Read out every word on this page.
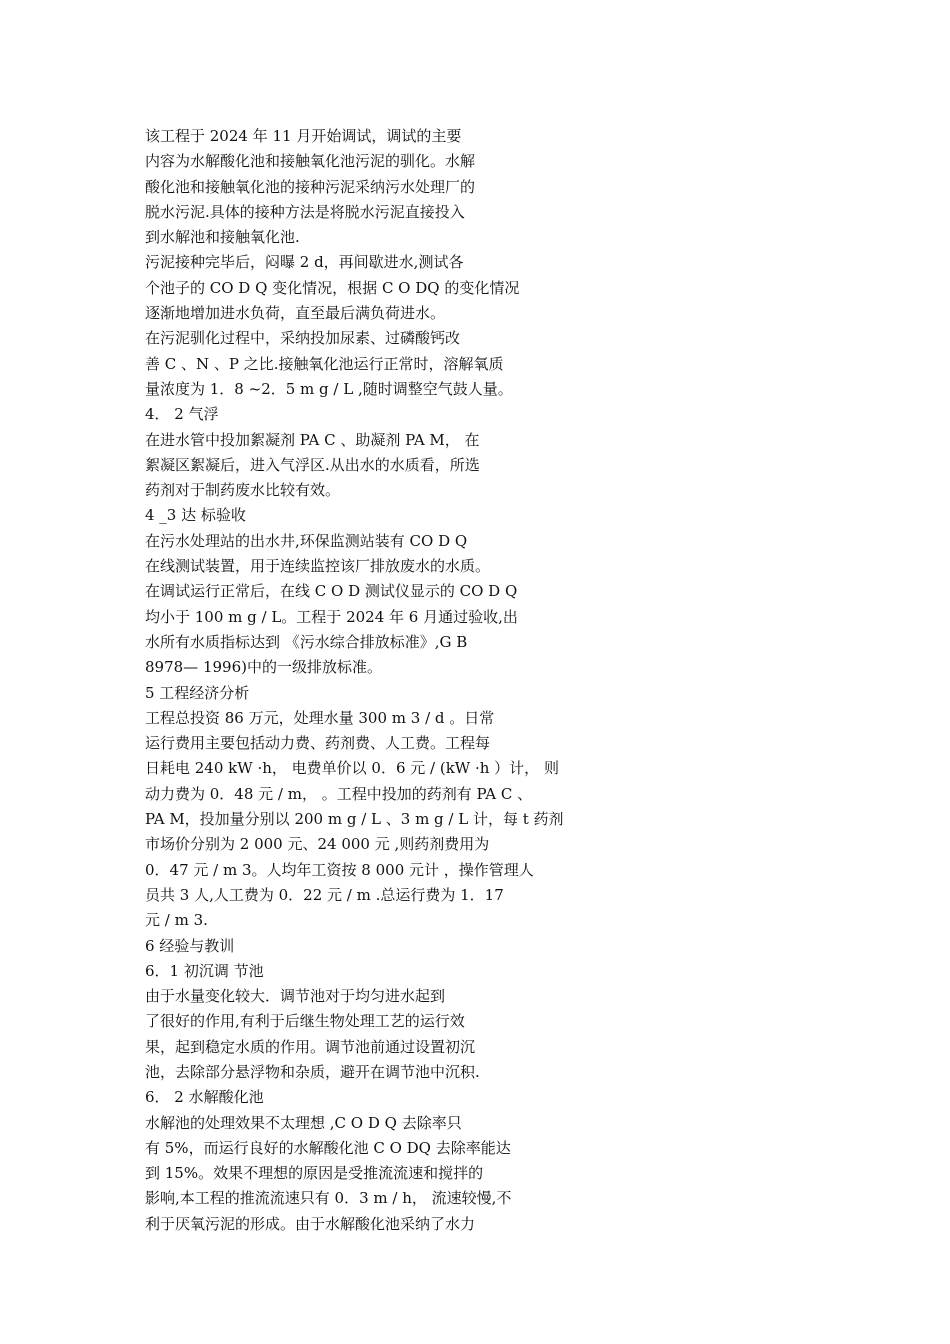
该工程于 2024 年 11 月开始调试，调试的主要
内容为水解酸化池和接触氧化池污泥的驯化。水解
酸化池和接触氧化池的接种污泥采纳污水处理厂的
脱水污泥.具体的接种方法是将脱水污泥直接投入
到水解池和接触氧化池.
污泥接种完毕后，闷曝 2 d，再间歇进水,测试各
个池子的 CO D Q 变化情况，根据 C O DQ 的变化情况
逐渐地增加进水负荷，直至最后满负荷进水。
在污泥驯化过程中，采纳投加尿素、过磷酸钙改
善 C 、N 、P 之比.接触氧化池运行正常时，溶解氧质
量浓度为 1．8 ~2．5 m g / L ,随时调整空气鼓人量。
4． 2 气浮
在进水管中投加絮凝剂 PA C 、助凝剂 PA M， 在
絮凝区絮凝后，进入气浮区.从出水的水质看，所选
药剂对于制药废水比较有效。
4 _3 达 标验收
在污水处理站的出水井,环保监测站装有 CO D Q
在线测试装置，用于连续监控该厂排放废水的水质。
在调试运行正常后，在线 C O D 测试仪显示的 CO D Q
均小于 100 m g / L。工程于 2024 年 6 月通过验收,出
水所有水质指标达到 《污水综合排放标准》,G B
8978— 1996)中的一级排放标准。
5 工程经济分析
工程总投资 86 万元，处理水量 300 m 3 / d 。日常
运行费用主要包括动力费、药剂费、人工费。工程每
日耗电 240 kW ·h， 电费单价以 0．6 元 / (kW ·h ）计， 则
动力费为 0．48 元 / m， 。工程中投加的药剂有 PA C 、
PA M，投加量分别以 200 m g / L 、3 m g / L 计，每 t 药剂
市场价分别为 2 000 元、24 000 元 ,则药剂费用为
0．47 元 / m 3。人均年工资按 8 000 元计 ，操作管理人
员共 3 人,人工费为 0．22 元 / m .总运行费为 1．17
元 / m 3.
6 经验与教训
6．1 初沉调 节池
由于水量变化较大．调节池对于均匀进水起到
了很好的作用,有利于后继生物处理工艺的运行效
果，起到稳定水质的作用。调节池前通过设置初沉
池，去除部分悬浮物和杂质，避开在调节池中沉积.
6． 2 水解酸化池
水解池的处理效果不太理想 ,C O D Q 去除率只
有 5%，而运行良好的水解酸化池 C O DQ 去除率能达
到 15%。效果不理想的原因是受推流流速和搅拌的
影响,本工程的推流流速只有 0．3 m / h， 流速较慢,不
利于厌氧污泥的形成。由于水解酸化池采纳了水力
